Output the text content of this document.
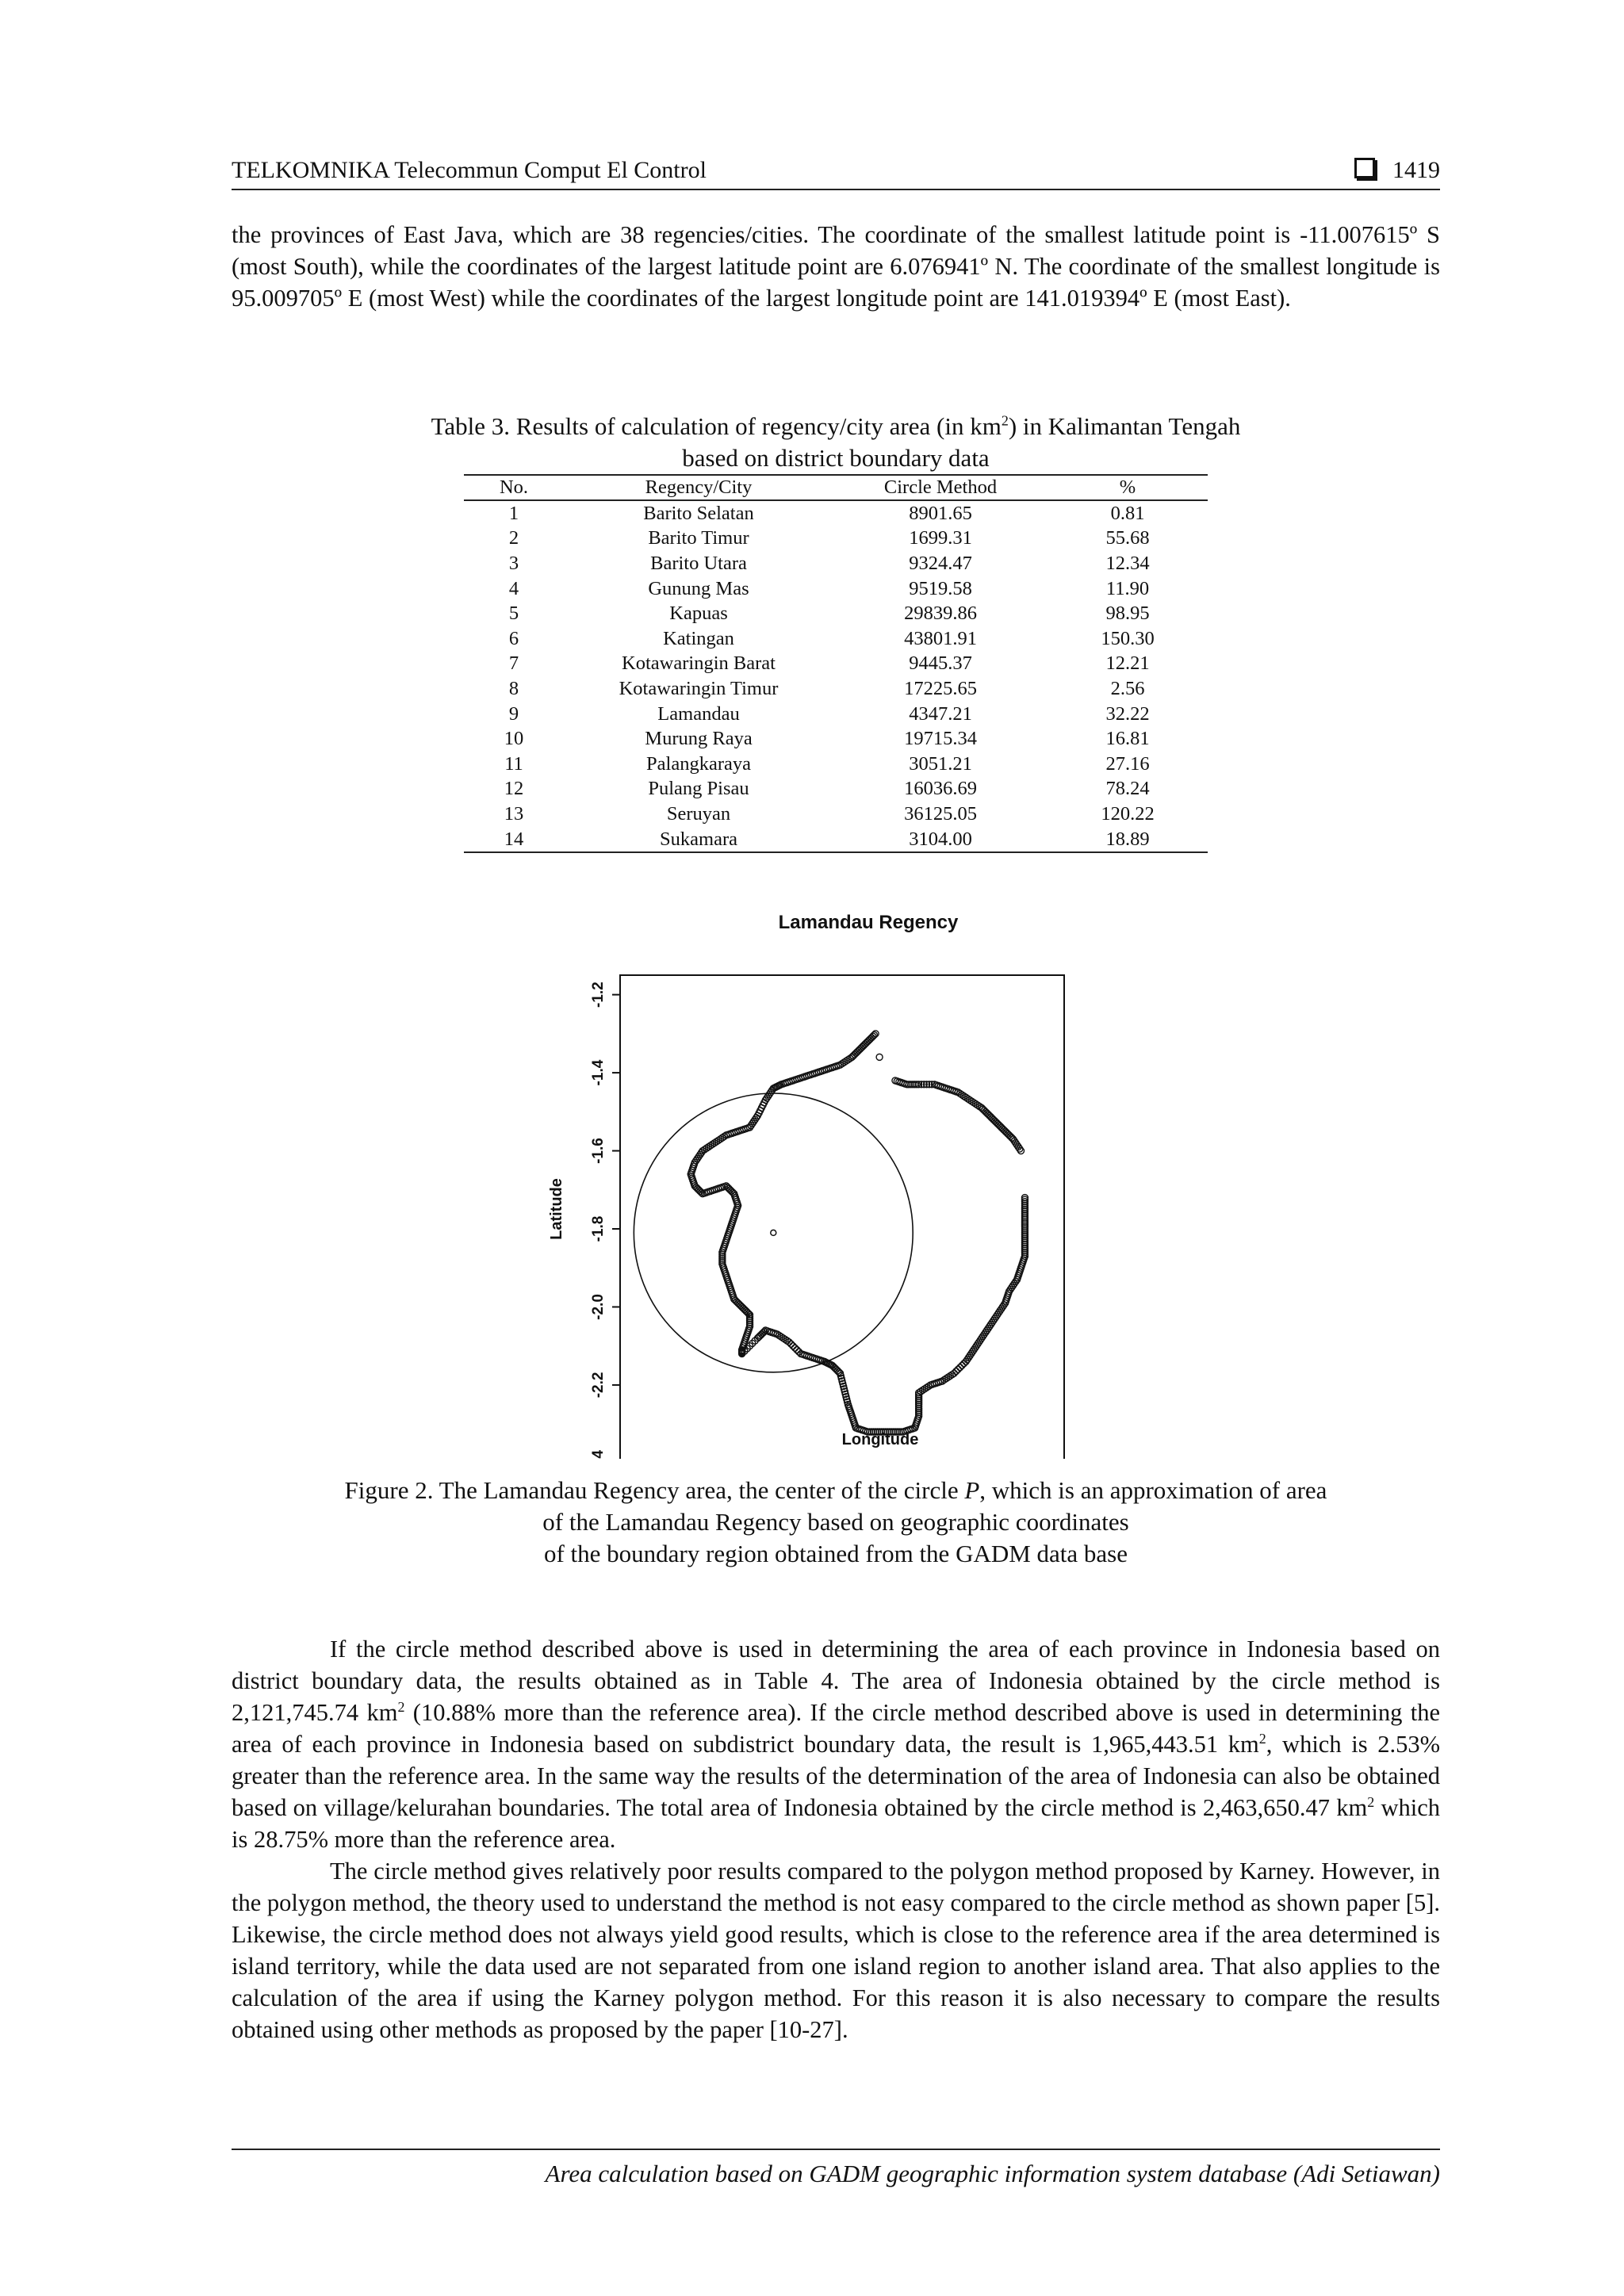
TELKOMNIKA Telecommun Comput El Control	1419
the provinces of East Java, which are 38 regencies/cities. The coordinate of the smallest latitude point is -11.007615º S (most South), while the coordinates of the largest latitude point are 6.076941º N. The coordinate of the smallest longitude is 95.009705º E (most West) while the coordinates of the largest longitude point are 141.019394º E (most East).
Table 3. Results of calculation of regency/city area (in $km^2$) in Kalimantan Tengah
based on district boundary data
No.	Regency/City	Circle Method	%
1	Barito Selatan	8901.65	0.81
2	Barito Timur	1699.31	55.68
3	Barito Utara	9324.47	12.34
4	Gunung Mas	9519.58	11.90
5	Kapuas	29839.86	98.95
6	Katingan	43801.91	150.30
7	Kotawaringin Barat	9445.37	12.21
8	Kotawaringin Timur	17225.65	2.56
9	Lamandau	4347.21	32.22
10	Murung Raya	19715.34	16.81
11	Palangkaraya	3051.21	27.16
12	Pulang Pisau	16036.69	78.24
13	Seruyan	36125.05	120.22
14	Sukamara	3104.00	18.89
Lamandau Regency
-1.2
-1.4
-1.6
-1.8
-2.0
-2.2
Longitude
Latitude
Figure 2. The Lamandau Regency area, the center of the circle P, which is an approximation of area
of the Lamandau Regency based on geographic coordinates
of the boundary region obtained from the GADM data base
If the circle method described above is used in determining the area of each province in Indonesia based on district boundary data, the results obtained as in Table 4. The area of Indonesia obtained by the circle method is 2,121,745.74 $km^2$ (10.88% more than the reference area). If the circle method described above is used in determining the area of each province in Indonesia based on subdistrict boundary data, the result is 1,965,443.51 $km^2$, which is 2.53% greater than the reference area. In the same way the results of the determination of the area of Indonesia can also be obtained based on village/kelurahan boundaries. The total area of Indonesia obtained by the circle method is 2,463,650.47 $km^2$ which is 28.75% more than the reference area.
The circle method gives relatively poor results compared to the polygon method proposed by Karney. However, in the polygon method, the theory used to understand the method is not easy compared to the circle method as shown paper [5]. Likewise, the circle method does not always yield good results, which is close to the reference area if the area determined is island territory, while the data used are not separated from one island region to another island area. That also applies to the calculation of the area if using the Karney polygon method. For this reason it is also necessary to compare the results obtained using other methods as proposed by the paper [10-27].
Area calculation based on GADM geographic information system database (Adi Setiawan)
